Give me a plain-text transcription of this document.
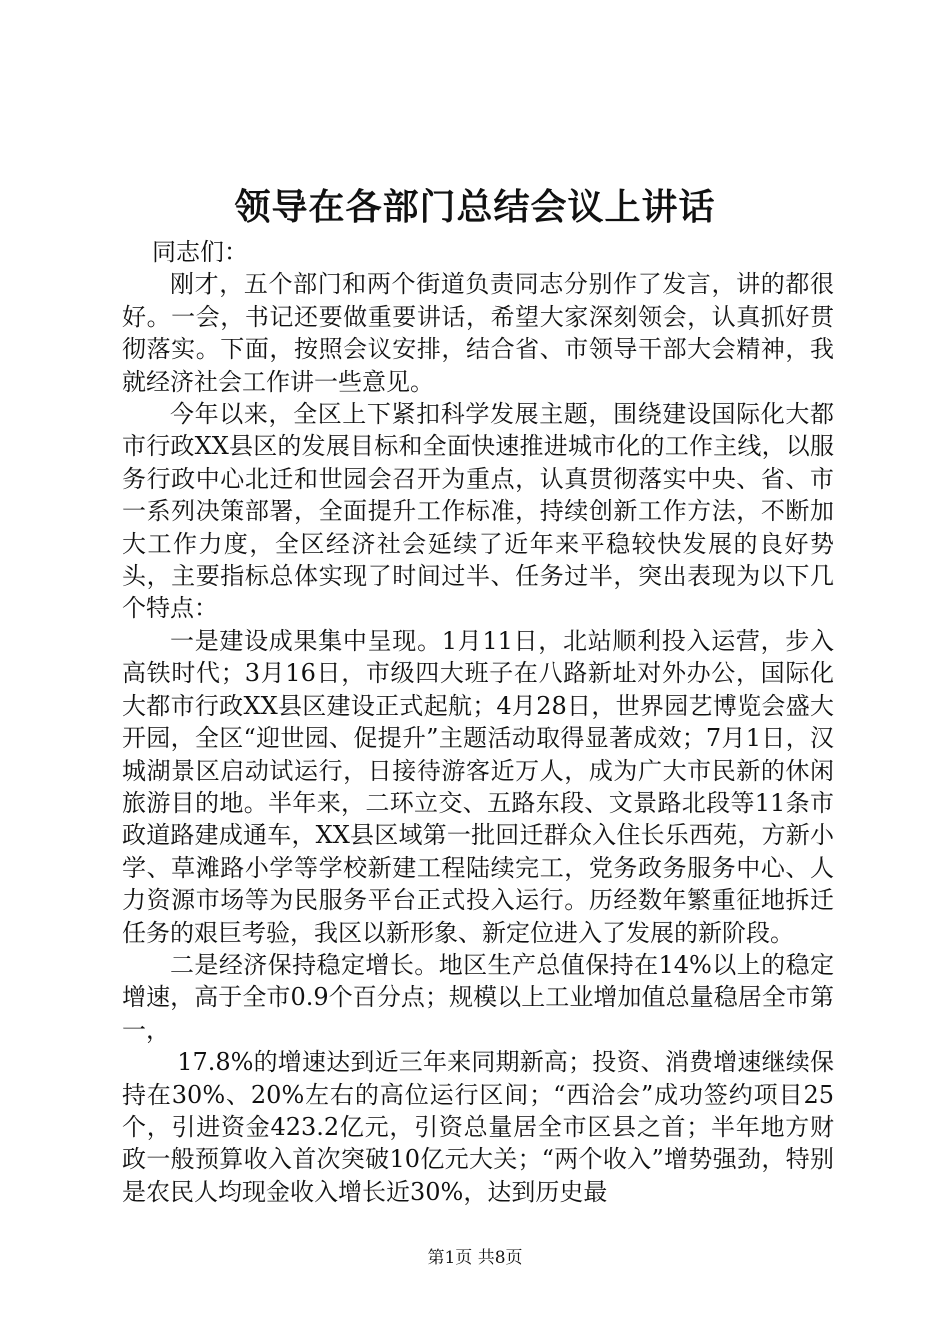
领导在各部门总结会议上讲话

同志们：

刚才，五个部门和两个街道负责同志分别作了发言，讲的都很好。一会，书记还要做重要讲话，希望大家深刻领会，认真抓好贯彻落实。下面，按照会议安排，结合省、市领导干部大会精神，我就经济社会工作讲一些意见。

今年以来，全区上下紧扣科学发展主题，围绕建设国际化大都市行政XX县区的发展目标和全面快速推进城市化的工作主线，以服务行政中心北迁和世园会召开为重点，认真贯彻落实中央、省、市一系列决策部署，全面提升工作标准，持续创新工作方法，不断加大工作力度，全区经济社会延续了近年来平稳较快发展的良好势头，主要指标总体实现了时间过半、任务过半，突出表现为以下几个特点：

一是建设成果集中呈现。1月11日，北站顺利投入运营，步入高铁时代；3月16日，市级四大班子在八路新址对外办公，国际化大都市行政XX县区建设正式起航；4月28日，世界园艺博览会盛大开园，全区“迎世园、促提升”主题活动取得显著成效；7月1日，汉城湖景区启动试运行，日接待游客近万人，成为广大市民新的休闲旅游目的地。半年来，二环立交、五路东段、文景路北段等11条市政道路建成通车，XX县区域第一批回迁群众入住长乐西苑，方新小学、草滩路小学等学校新建工程陆续完工，党务政务服务中心、人力资源市场等为民服务平台正式投入运行。历经数年繁重征地拆迁任务的艰巨考验，我区以新形象、新定位进入了发展的新阶段。

二是经济保持稳定增长。地区生产总值保持在14%以上的稳定增速，高于全市0.9个百分点；规模以上工业增加值总量稳居全市第一，

17.8%的增速达到近三年来同期新高；投资、消费增速继续保持在30%、20%左右的高位运行区间；“西洽会”成功签约项目25个，引进资金423.2亿元，引资总量居全市区县之首；半年地方财政一般预算收入首次突破10亿元大关；“两个收入”增势强劲，特别是农民人均现金收入增长近30%，达到历史最

第1页 共8页
